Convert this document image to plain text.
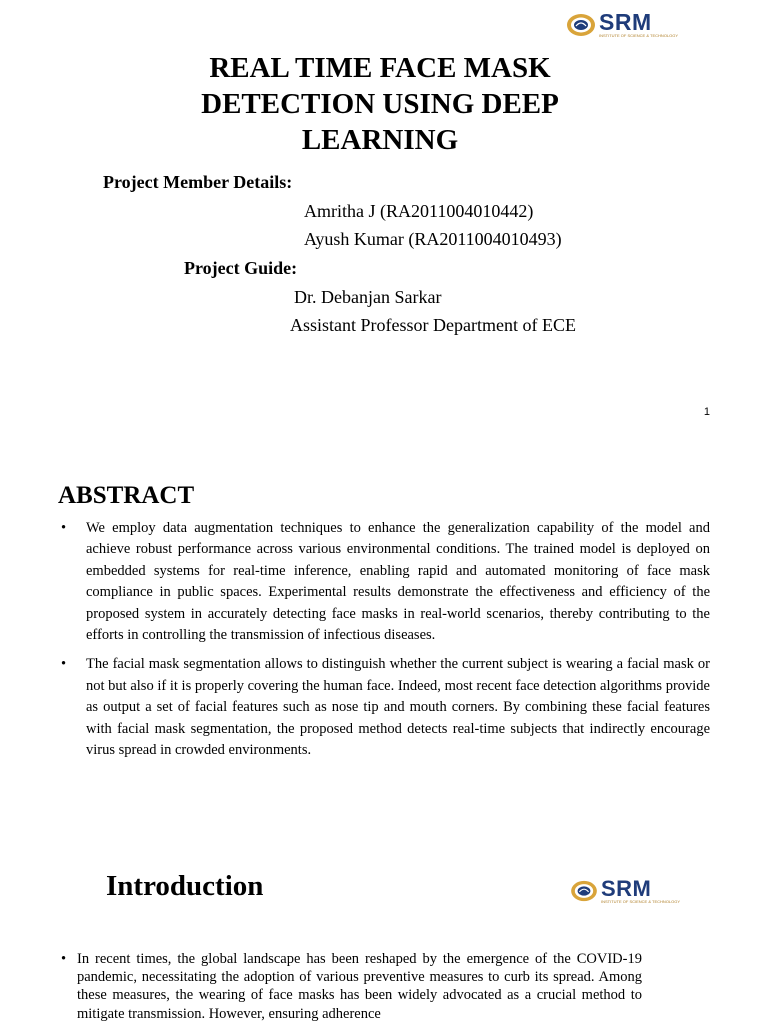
SRM
INSTITUTE OF SCIENCE & TECHNOLOGY
REAL TIME FACE MASK
DETECTION USING DEEP
LEARNING
Project Member Details:
Amritha J (RA2011004010442)
Ayush Kumar (RA2011004010493)
Project Guide:
Dr. Debanjan Sarkar
Assistant Professor Department of ECE
1
ABSTRACT
• We employ data augmentation techniques to enhance the generalization capability of the model and achieve robust performance across various environmental conditions. The trained model is deployed on embedded systems for real-time inference, enabling rapid and automated monitoring of face mask compliance in public spaces. Experimental results demonstrate the effectiveness and efficiency of the proposed system in accurately detecting face masks in real-world scenarios, thereby contributing to the efforts in controlling the transmission of infectious diseases.
• The facial mask segmentation allows to distinguish whether the current subject is wearing a facial mask or not but also if it is properly covering the human face. Indeed, most recent face detection algorithms provide as output a set of facial features such as nose tip and mouth corners. By combining these facial features with facial mask segmentation, the proposed method detects real-time subjects that indirectly encourage virus spread in crowded environments.
Introduction	SRM
INSTITUTE OF SCIENCE & TECHNOLOGY
• In recent times, the global landscape has been reshaped by the emergence of the COVID-19 pandemic, necessitating the adoption of various preventive measures to curb its spread. Among these measures, the wearing of face masks has been widely advocated as a crucial method to mitigate transmission. However, ensuring adherence
